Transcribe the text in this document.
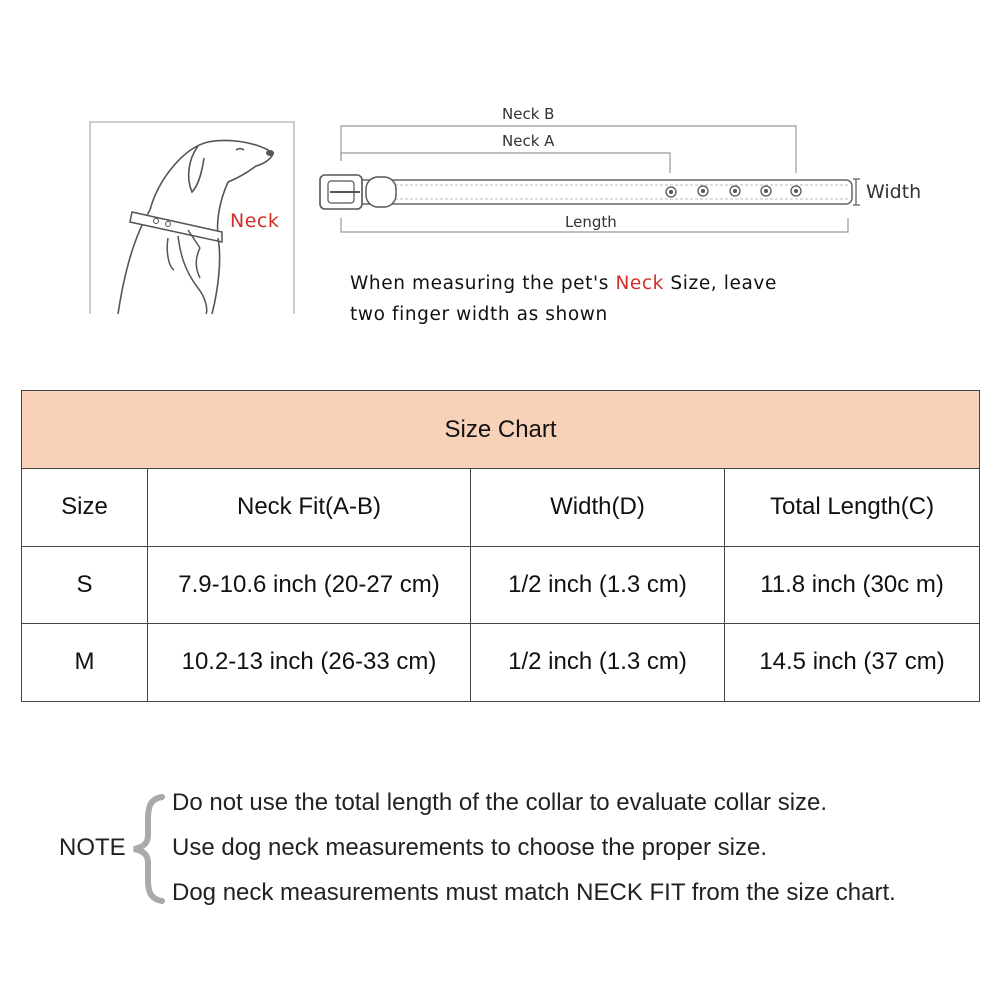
Neck
Neck B
Neck A
Length
Width
When measuring the pet's Neck Size, leave
two finger width as shown
Size Chart			
Size	Neck Fit(A-B)	Width(D)	Total Length(C)
S	7.9-10.6 inch (20-27 cm)	1/2 inch (1.3 cm)	11.8 inch (30c m)
M	10.2-13 inch (26-33 cm)	1/2 inch (1.3 cm)	14.5 inch (37 cm)
NOTE
Do not use the total length of the collar to evaluate collar size.
Use dog neck measurements to choose the proper size.
Dog neck measurements must match NECK FIT from the size chart.
